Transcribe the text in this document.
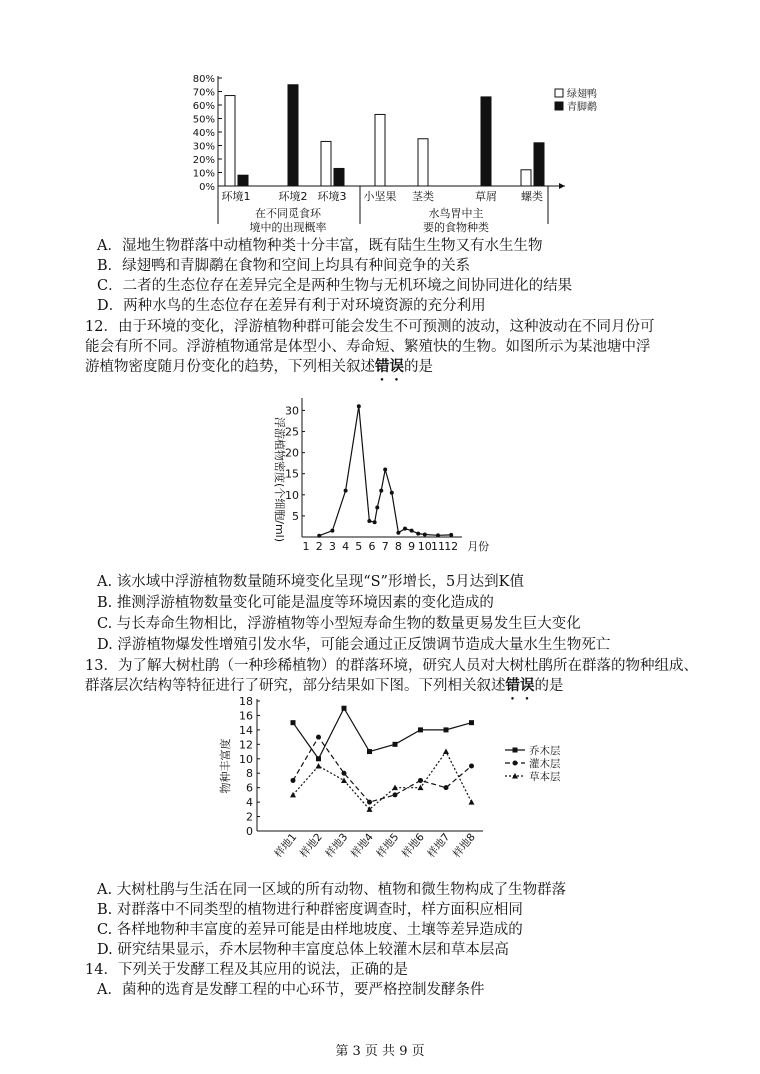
80%
70%
60%
50%
40%
30%
20%
10%
0%
环境1	环境2 环境3 小坚果 茎类	草屑 螺类
在不同觅食环
境中的出现概率
水鸟胃中主
要的食物种类
绿翅鸭
青脚鹬
A．湿地生物群落中动植物种类十分丰富，既有陆生生物又有水生生物
B．绿翅鸭和青脚鹬在食物和空间上均具有种间竞争的关系
C．二者的生态位存在差异完全是两种生物与无机环境之间协同进化的结果
D．两种水鸟的生态位存在差异有利于对环境资源的充分利用
12．由于环境的变化，浮游植物种群可能会发生不可预测的波动，这种波动在不同月份可
能会有所不同。浮游植物通常是体型小、寿命短、繁殖快的生物。如图所示为某池塘中浮
游植物密度随月份变化的趋势，下列相关叙述错误的是
30
25
20
15
10
5
1 2 3 4 5 6 7 8 9 10 11 12 月份
浮游植物密度(个细胞/ml)
A. 该水域中浮游植物数量随环境变化呈现“S”形增长，5月达到K值
B. 推测浮游植物数量变化可能是温度等环境因素的变化造成的
C. 与长寿命生物相比，浮游植物等小型短寿命生物的数量更易发生巨大变化
D. 浮游植物爆发性增殖引发水华，可能会通过正反馈调节造成大量水生生物死亡
13．为了解大树杜鹃（一种珍稀植物）的群落环境，研究人员对大树杜鹃所在群落的物种组成、
群落层次结构等特征进行了研究，部分结果如下图。下列相关叙述错误的是
18
16
14
12
10
8
6
4
2
0 样地1
样地2
样地3
样地4
样地5
样地6
样地7
样地8
物种丰富度	乔木层
灌木层
草本层
A. 大树杜鹃与生活在同一区域的所有动物、植物和微生物构成了生物群落
B. 对群落中不同类型的植物进行种群密度调查时，样方面积应相同
C. 各样地物种丰富度的差异可能是由样地坡度、土壤等差异造成的
D. 研究结果显示，乔木层物种丰富度总体上较灌木层和草本层高
14．下列关于发酵工程及其应用的说法，正确的是
A．菌种的选育是发酵工程的中心环节，要严格控制发酵条件
第 3 页 共 9 页
